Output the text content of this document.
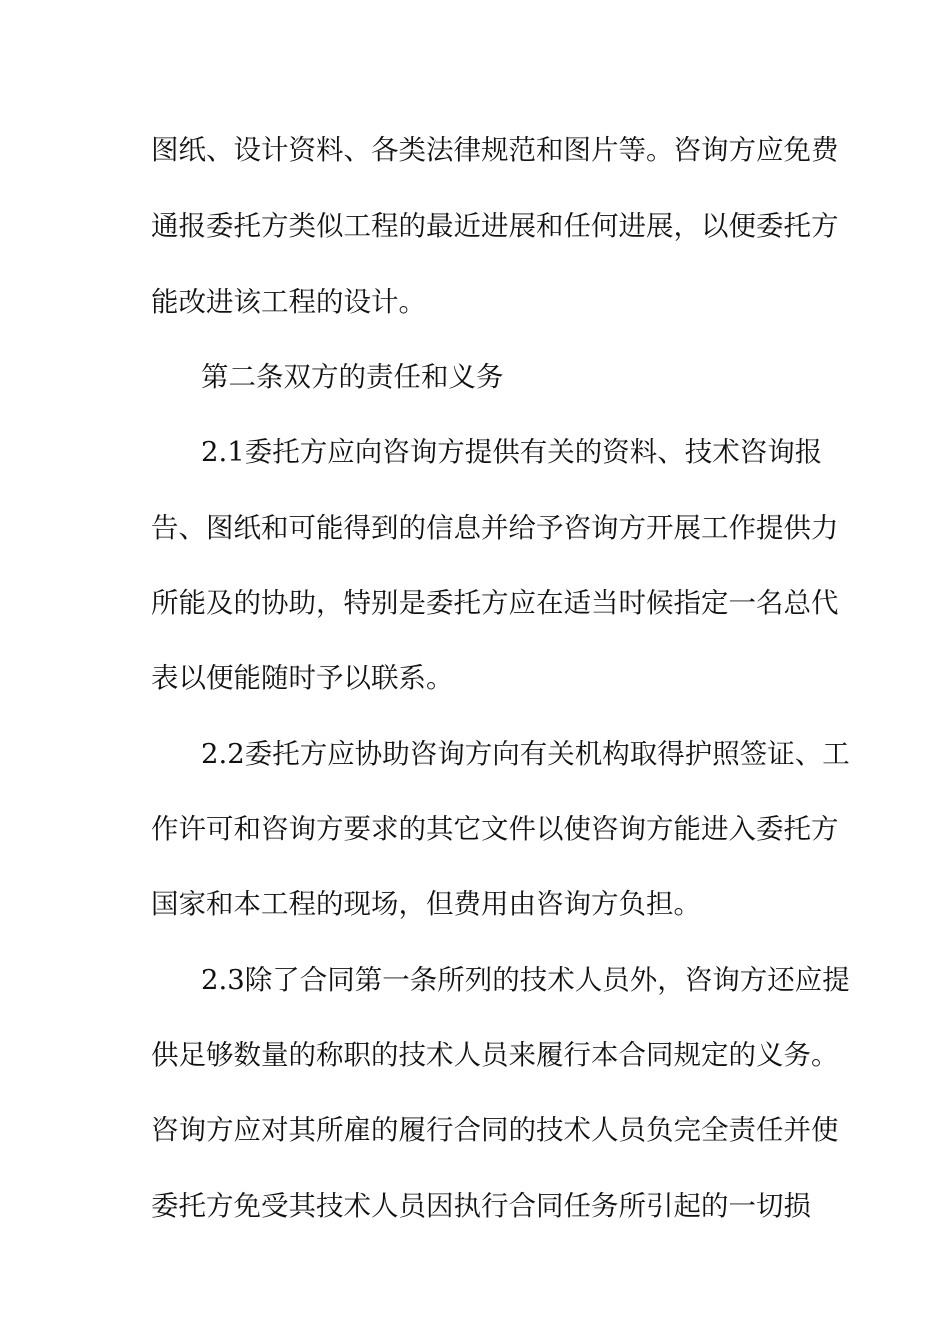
图纸、设计资料、各类法律规范和图片等。咨询方应免费
通报委托方类似工程的最近进展和任何进展，以便委托方
能改进该工程的设计。
第二条双方的责任和义务
2.1委托方应向咨询方提供有关的资料、技术咨询报
告、图纸和可能得到的信息并给予咨询方开展工作提供力
所能及的协助，特别是委托方应在适当时候指定一名总代
表以便能随时予以联系。
2.2委托方应协助咨询方向有关机构取得护照签证、工
作许可和咨询方要求的其它文件以使咨询方能进入委托方
国家和本工程的现场，但费用由咨询方负担。
2.3除了合同第一条所列的技术人员外，咨询方还应提
供足够数量的称职的技术人员来履行本合同规定的义务。
咨询方应对其所雇的履行合同的技术人员负完全责任并使
委托方免受其技术人员因执行合同任务所引起的一切损
